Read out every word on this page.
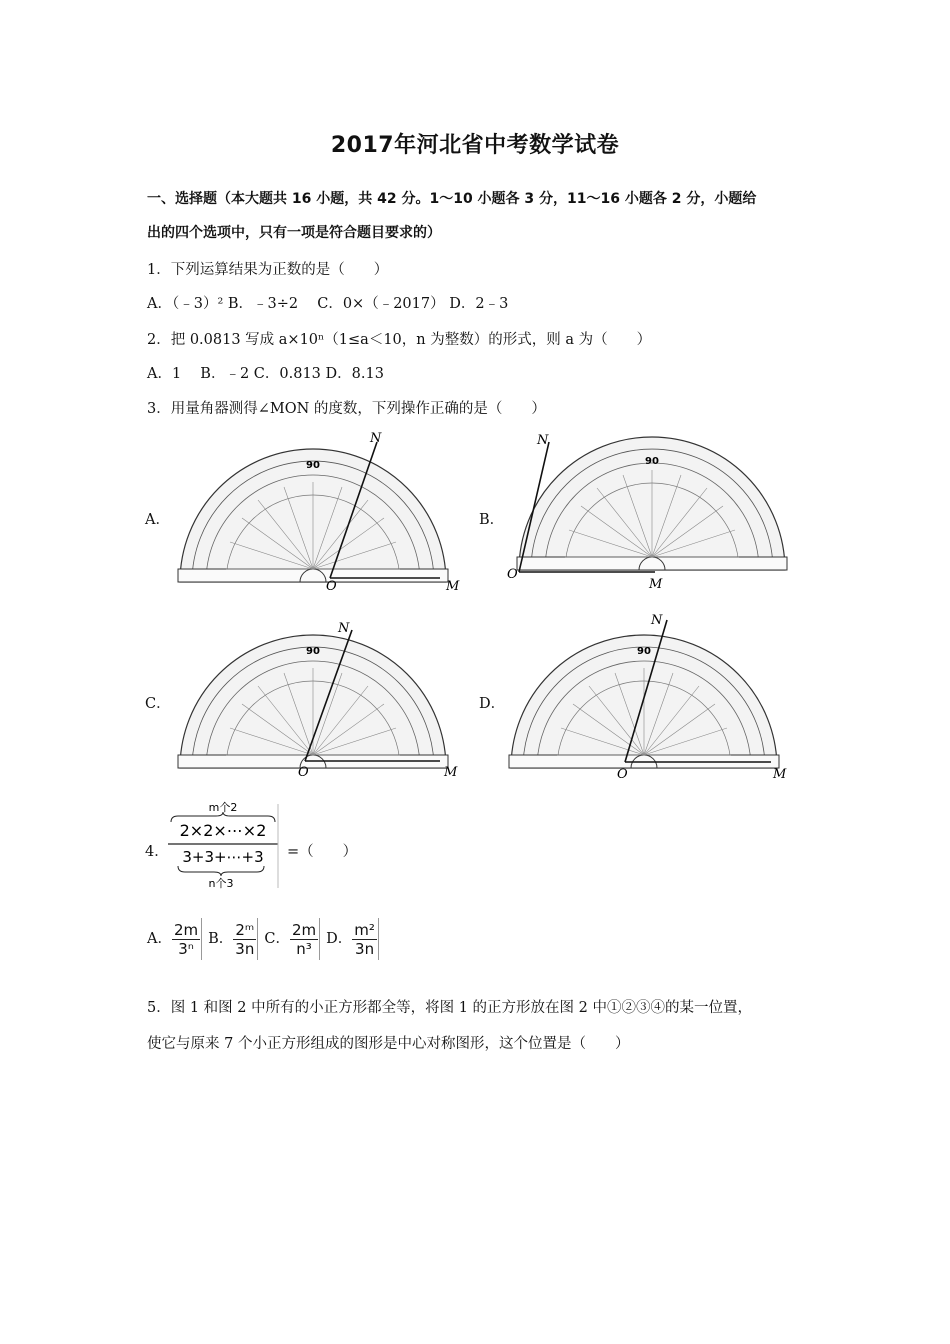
2017年河北省中考数学试卷
一、选择题（本大题共 16 小题，共 42 分。1～10 小题各 3 分，11～16 小题各 2 分，小题给
出的四个选项中，只有一项是符合题目要求的）
1．下列运算结果为正数的是（　　）
A．（﹣3）² B．﹣3÷2　 C．0×（﹣2017） D．2﹣3
2．把 0.0813 写成 a×10ⁿ（1≤a＜10，n 为整数）的形式，则 a 为（　　）
A．1　 B．﹣2 C．0.813 D．8.13
3．用量角器测得∠MON 的度数，下列操作正确的是（　　）
A．	B．
C．	D．
90
O	M
N
90
O
M
N
90
O	M
N
90
O	M
N
4．
m个2
2×2×⋯×2
3+3+⋯+3
n个3
=（　　）
A． $\frac{2m}{\text{3ⁿ}}$ B． $\frac{\text{2ᵐ}}{3n}$ C． $\frac{2m}{\text{n³}}$ D． $\frac{\text{m²}}{3n}$
5．图 1 和图 2 中所有的小正方形都全等，将图 1 的正方形放在图 2 中①②③④的某一位置，
使它与原来 7 个小正方形组成的图形是中心对称图形，这个位置是（　　）
